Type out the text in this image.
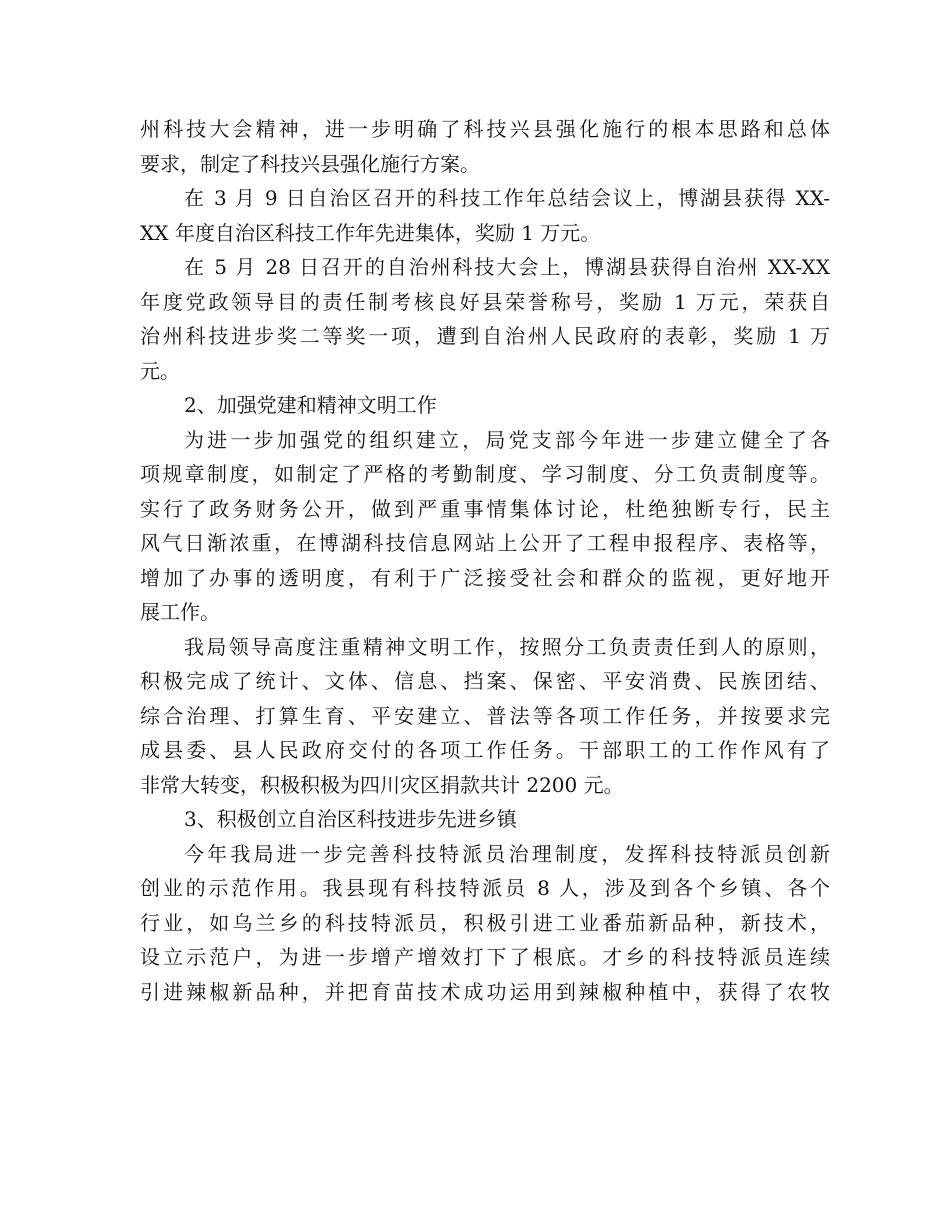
州科技大会精神，进一步明确了科技兴县强化施行的根本思路和总体
要求，制定了科技兴县强化施行方案。
在 3 月 9 日自治区召开的科技工作年总结会议上，博湖县获得 XX-
XX 年度自治区科技工作年先进集体，奖励 1 万元。
在 5 月 28 日召开的自治州科技大会上，博湖县获得自治州 XX-XX
年度党政领导目的责任制考核良好县荣誉称号，奖励 1 万元，荣获自
治州科技进步奖二等奖一项，遭到自治州人民政府的表彰，奖励 1 万
元。
2、加强党建和精神文明工作
为进一步加强党的组织建立，局党支部今年进一步建立健全了各
项规章制度，如制定了严格的考勤制度、学习制度、分工负责制度等。
实行了政务财务公开，做到严重事情集体讨论，杜绝独断专行，民主
风气日渐浓重，在博湖科技信息网站上公开了工程申报程序、表格等，
增加了办事的透明度，有利于广泛接受社会和群众的监视，更好地开
展工作。
我局领导高度注重精神文明工作，按照分工负责责任到人的原则，
积极完成了统计、文体、信息、挡案、保密、平安消费、民族团结、
综合治理、打算生育、平安建立、普法等各项工作任务，并按要求完
成县委、县人民政府交付的各项工作任务。干部职工的工作作风有了
非常大转变，积极积极为四川灾区捐款共计 2200 元。
3、积极创立自治区科技进步先进乡镇
今年我局进一步完善科技特派员治理制度，发挥科技特派员创新
创业的示范作用。我县现有科技特派员 8 人，涉及到各个乡镇、各个
行业，如乌兰乡的科技特派员，积极引进工业番茄新品种，新技术，
设立示范户，为进一步增产增效打下了根底。才乡的科技特派员连续
引进辣椒新品种，并把育苗技术成功运用到辣椒种植中，获得了农牧
